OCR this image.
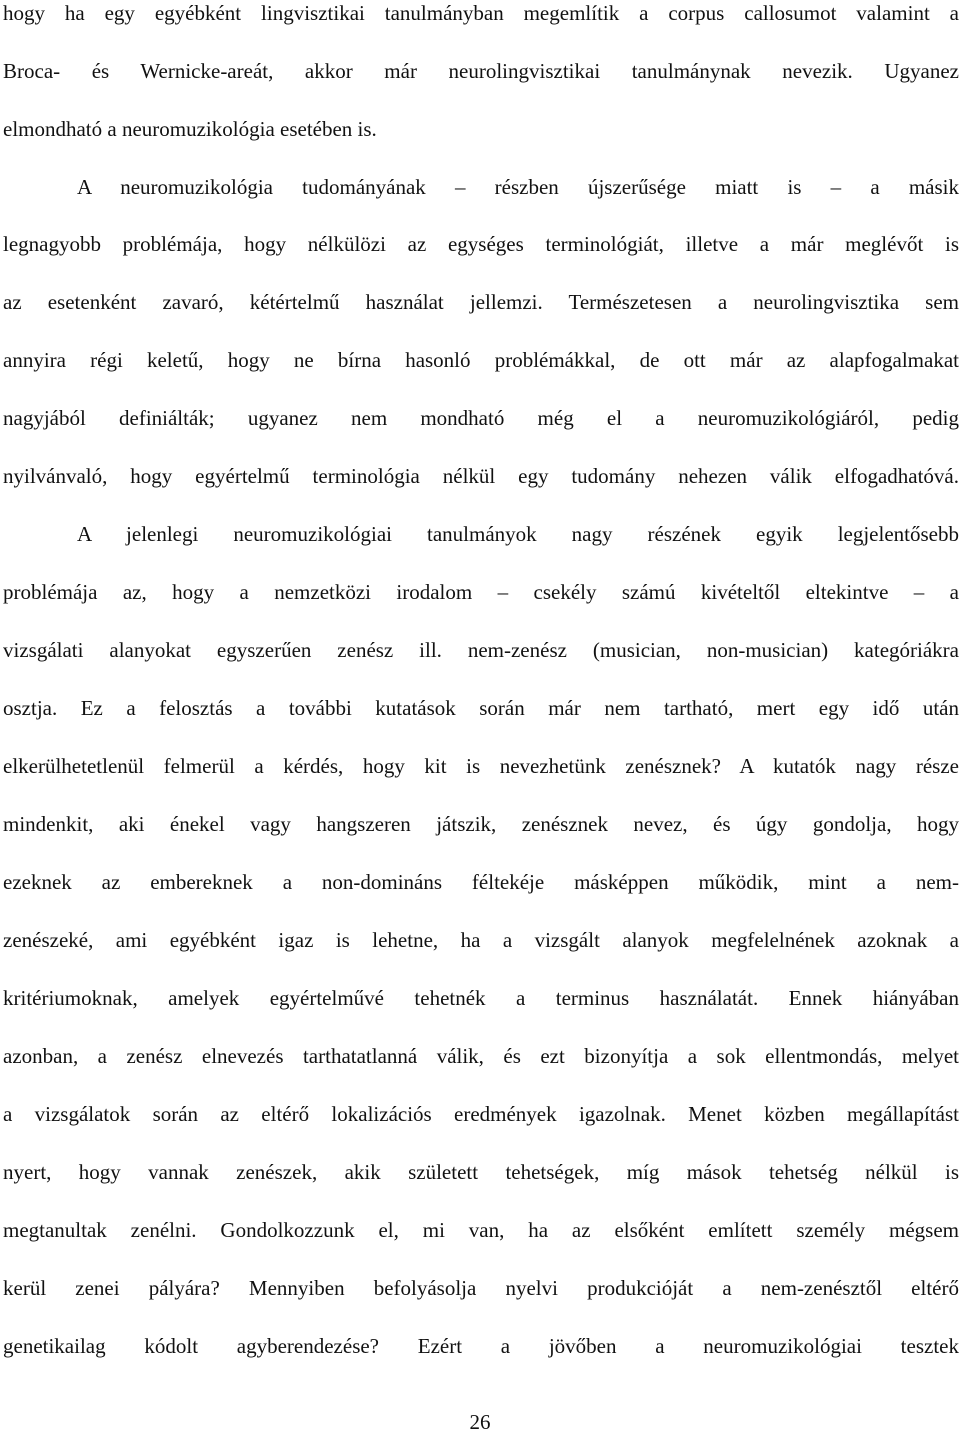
hogy ha egy egyébként lingvisztikai tanulmányban megemlítik a corpus callosumot valamint a
Broca- és Wernicke-areát, akkor már neurolingvisztikai tanulmánynak nevezik. Ugyanez
elmondható a neuromuzikológia esetében is.
A neuromuzikológia tudományának – részben újszerűsége miatt is – a másik
legnagyobb problémája, hogy nélkülözi az egységes terminológiát, illetve a már meglévőt is
az esetenként zavaró, kétértelmű használat jellemzi. Természetesen a neurolingvisztika sem
annyira régi keletű, hogy ne bírna hasonló problémákkal, de ott már az alapfogalmakat
nagyjából definiálták; ugyanez nem mondható még el a neuromuzikológiáról, pedig
nyilvánvaló, hogy egyértelmű terminológia nélkül egy tudomány nehezen válik elfogadhatóvá.
A jelenlegi neuromuzikológiai tanulmányok nagy részének egyik legjelentősebb
problémája az, hogy a nemzetközi irodalom – csekély számú kivételtől eltekintve – a
vizsgálati alanyokat egyszerűen zenész ill. nem-zenész (musician, non-musician) kategóriákra
osztja. Ez a felosztás a további kutatások során már nem tartható, mert egy idő után
elkerülhetetlenül felmerül a kérdés, hogy kit is nevezhetünk zenésznek? A kutatók nagy része
mindenkit, aki énekel vagy hangszeren játszik, zenésznek nevez, és úgy gondolja, hogy
ezeknek az embereknek a non-domináns féltekéje másképpen működik, mint a nem-
zenészeké, ami egyébként igaz is lehetne, ha a vizsgált alanyok megfelelnének azoknak a
kritériumoknak, amelyek egyértelművé tehetnék a terminus használatát. Ennek hiányában
azonban, a zenész elnevezés tarthatatlanná válik, és ezt bizonyítja a sok ellentmondás, melyet
a vizsgálatok során az eltérő lokalizációs eredmények igazolnak. Menet közben megállapítást
nyert, hogy vannak zenészek, akik született tehetségek, míg mások tehetség nélkül is
megtanultak zenélni. Gondolkozzunk el, mi van, ha az elsőként említett személy mégsem
kerül zenei pályára? Mennyiben befolyásolja nyelvi produkcióját a nem-zenésztől eltérő
genetikailag kódolt agyberendezése? Ezért a jövőben a neuromuzikológiai tesztek
26
